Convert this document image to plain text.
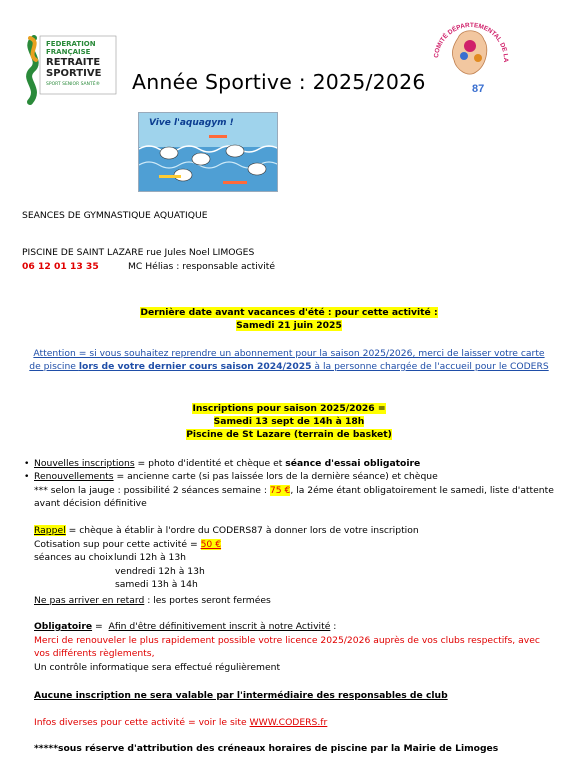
FEDERATION
FRANÇAISE
RETRAITE
SPORTIVE
SPORT SENIOR SANTÉ®
COMITÉ DÉPARTEMENTAL DE LA
87
Année Sportive : 2025/2026
Vive l'aquagym !
SEANCES DE GYMNASTIQUE AQUATIQUE
PISCINE DE SAINT LAZARE rue Jules Noel LIMOGES
06 12 01 13 35	MC Hélias : responsable activité
Dernière date avant vacances d'été : pour cette activité :
Samedi 21 juin 2025
Attention = si vous souhaitez reprendre un abonnement pour la saison 2025/2026, merci de laisser votre carte
de piscine lors de votre dernier cours saison 2024/2025 à la personne chargée de l'accueil pour le CODERS
Inscriptions pour saison 2025/2026 =
Samedi 13 sept de 14h à 18h
Piscine de St Lazare (terrain de basket)
• Nouvelles inscriptions = photo d'identité et chèque et séance d'essai obligatoire
• Renouvellements = ancienne carte (si pas laissée lors de la dernière séance) et chèque
*** selon la jauge : possibilité 2 séances semaine : 75 €, la 2éme étant obligatoirement le samedi, liste d'attente
avant décision définitive
Rappel = chèque à établir à l'ordre du CODERS87 à donner lors de votre inscription
Cotisation sup pour cette activité = 50 €
séances au choix lundi 12h à 13h
vendredi 12h à 13h
samedi 13h à 14h
Ne pas arriver en retard : les portes seront fermées
Obligatoire =  Afin d'être définitivement inscrit à notre Activité :
Merci de renouveler le plus rapidement possible votre licence 2025/2026 auprès de vos clubs respectifs, avec
vos différents règlements,
Un contrôle informatique sera effectué régulièrement
Aucune inscription ne sera valable par l'intermédiaire des responsables de club
Infos diverses pour cette activité = voir le site WWW.CODERS.fr
*****sous réserve d'attribution des créneaux horaires de piscine par la Mairie de Limoges
